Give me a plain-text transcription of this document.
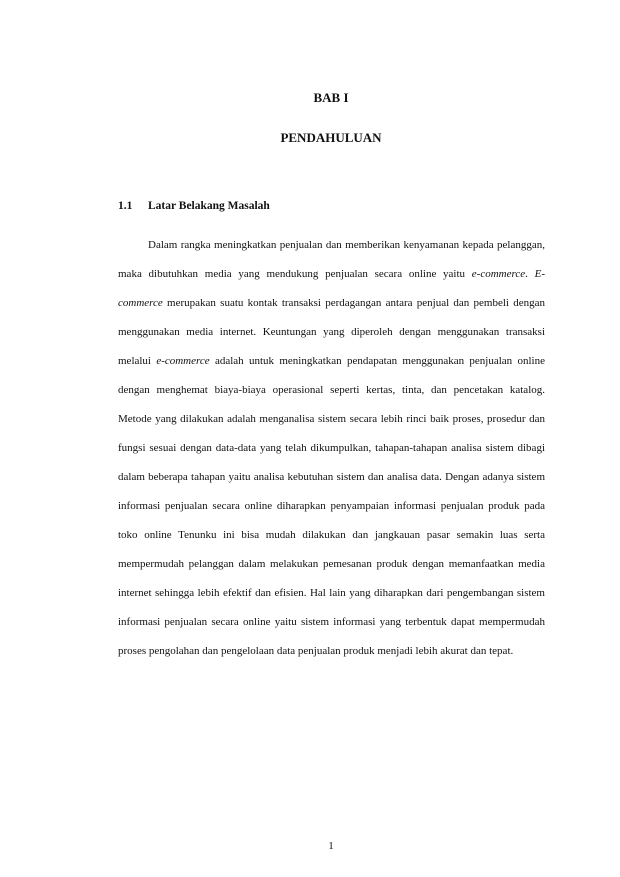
BAB I
PENDAHULUAN
1.1 Latar Belakang Masalah

Dalam rangka meningkatkan penjualan dan memberikan kenyamanan kepada pelanggan, maka dibutuhkan media yang mendukung penjualan secara online yaitu e-commerce. E-commerce merupakan suatu kontak transaksi perdagangan antara penjual dan pembeli dengan menggunakan media internet. Keuntungan yang diperoleh dengan menggunakan transaksi melalui e-commerce adalah untuk meningkatkan pendapatan menggunakan penjualan online dengan menghemat biaya-biaya operasional seperti kertas, tinta, dan pencetakan katalog. Metode yang dilakukan adalah menganalisa sistem secara lebih rinci baik proses, prosedur dan fungsi sesuai dengan data-data yang telah dikumpulkan, tahapan-tahapan analisa sistem dibagi dalam beberapa tahapan yaitu analisa kebutuhan sistem dan analisa data. Dengan adanya sistem informasi penjualan secara online diharapkan penyampaian informasi penjualan produk pada toko online Tenunku ini bisa mudah dilakukan dan jangkauan pasar semakin luas serta mempermudah pelanggan dalam melakukan pemesanan produk dengan memanfaatkan media internet sehingga lebih efektif dan efisien. Hal lain yang diharapkan dari pengembangan sistem informasi penjualan secara online yaitu sistem informasi yang terbentuk dapat mempermudah proses pengolahan dan pengelolaan data penjualan produk menjadi lebih akurat dan tepat.

1
